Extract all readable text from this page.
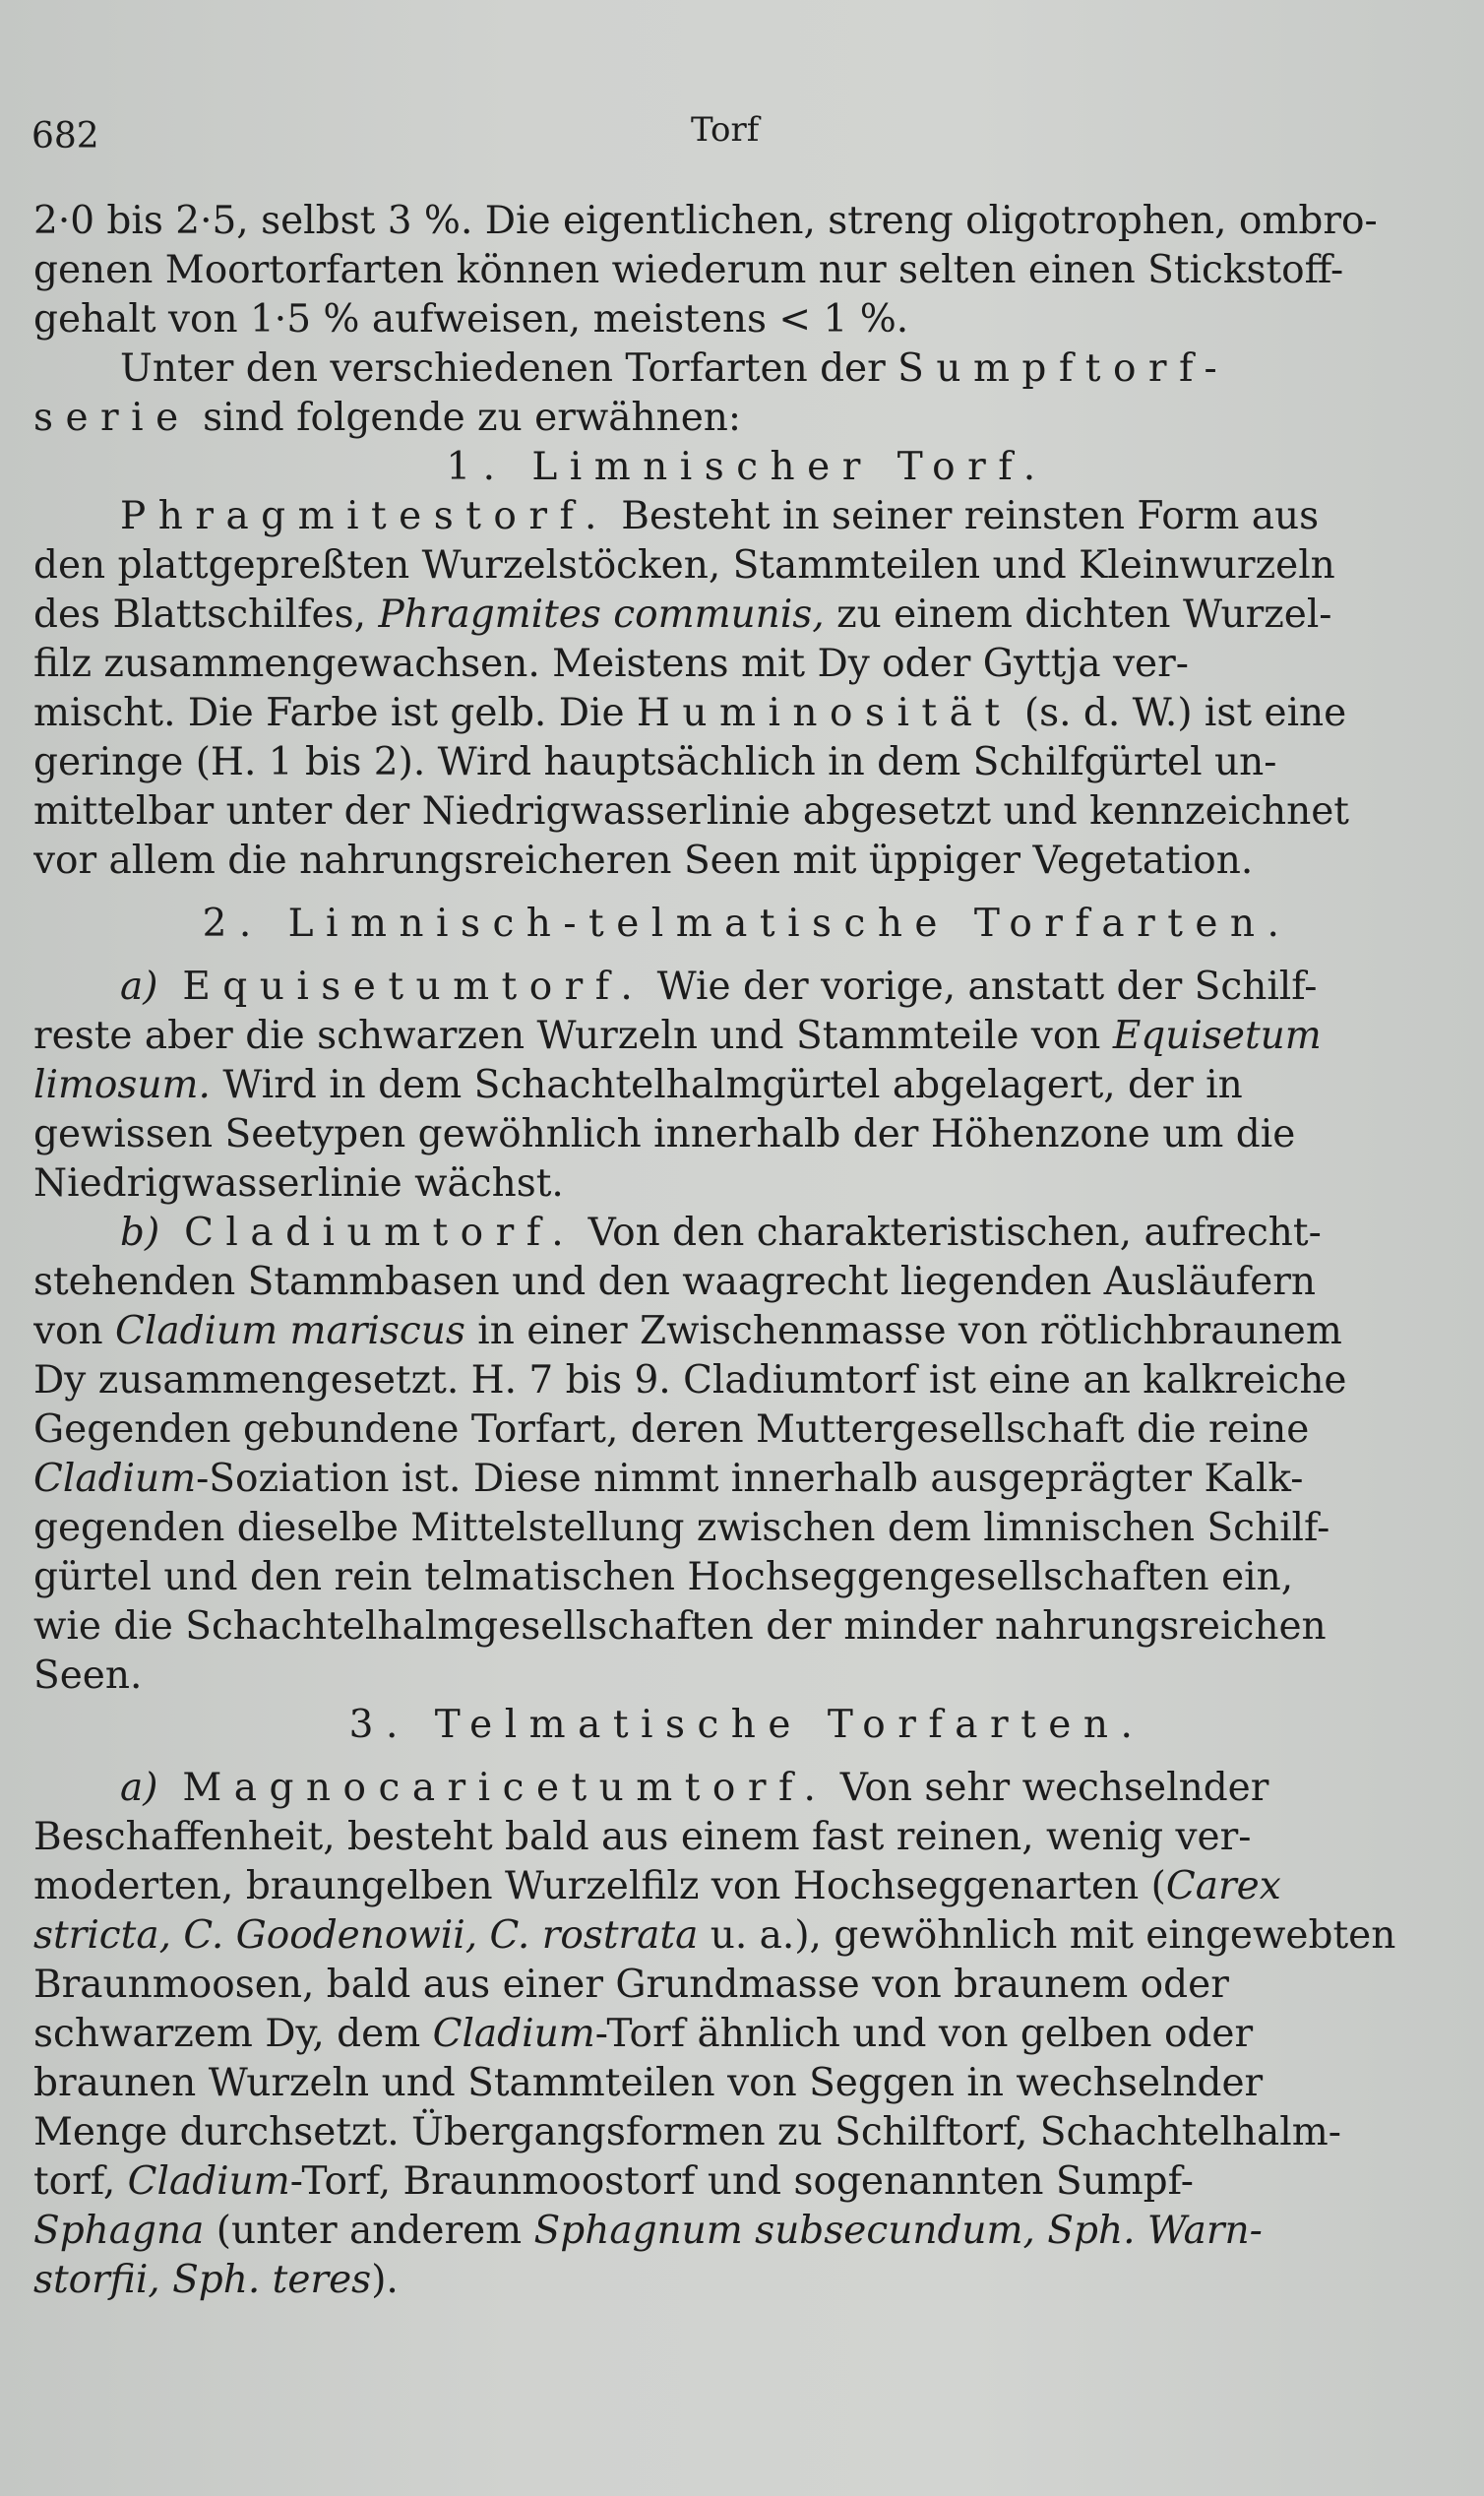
682	Torf
2·0 bis 2·5, selbst 3 %. Die eigentlichen, streng oligotrophen, ombro-
genen Moortorfarten können wiederum nur selten einen Stickstoff-
gehalt von 1·5 % aufweisen, meistens < 1 %.
Unter den verschiedenen Torfarten der Sumpftorf-
serie sind folgende zu erwähnen:
1. Limnischer Torf.
Phragmitestorf. Besteht in seiner reinsten Form aus
den plattgepreßten Wurzelstöcken, Stammteilen und Kleinwurzeln
des Blattschilfes, Phragmites communis, zu einem dichten Wurzel-
filz zusammengewachsen. Meistens mit Dy oder Gyttja ver-
mischt. Die Farbe ist gelb. Die Huminosität (s. d. W.) ist eine
geringe (H. 1 bis 2). Wird hauptsächlich in dem Schilfgürtel un-
mittelbar unter der Niedrigwasserlinie abgesetzt und kennzeichnet
vor allem die nahrungsreicheren Seen mit üppiger Vegetation.
2. Limnisch-telmatische Torfarten.
a) Equisetumtorf. Wie der vorige, anstatt der Schilf-
reste aber die schwarzen Wurzeln und Stammteile von Equisetum
limosum. Wird in dem Schachtelhalmgürtel abgelagert, der in
gewissen Seetypen gewöhnlich innerhalb der Höhenzone um die
Niedrigwasserlinie wächst.
b) Cladiumtorf. Von den charakteristischen, aufrecht-
stehenden Stammbasen und den waagrecht liegenden Ausläufern
von Cladium mariscus in einer Zwischenmasse von rötlichbraunem
Dy zusammengesetzt. H. 7 bis 9. Cladiumtorf ist eine an kalkreiche
Gegenden gebundene Torfart, deren Muttergesellschaft die reine
Cladium-Soziation ist. Diese nimmt innerhalb ausgeprägter Kalk-
gegenden dieselbe Mittelstellung zwischen dem limnischen Schilf-
gürtel und den rein telmatischen Hochseggengesellschaften ein,
wie die Schachtelhalmgesellschaften der minder nahrungsreichen
Seen.
3. Telmatische Torfarten.
a) Magnocaricetumtorf. Von sehr wechselnder
Beschaffenheit, besteht bald aus einem fast reinen, wenig ver-
moderten, braungelben Wurzelfilz von Hochseggenarten (Carex
stricta, C. Goodenowii, C. rostrata u. a.), gewöhnlich mit eingewebten
Braunmoosen, bald aus einer Grundmasse von braunem oder
schwarzem Dy, dem Cladium-Torf ähnlich und von gelben oder
braunen Wurzeln und Stammteilen von Seggen in wechselnder
Menge durchsetzt. Übergangsformen zu Schilftorf, Schachtelhalm-
torf, Cladium-Torf, Braunmoostorf und sogenannten Sumpf-
Sphagna (unter anderem Sphagnum subsecundum, Sph. Warn-
storfii, Sph. teres).
